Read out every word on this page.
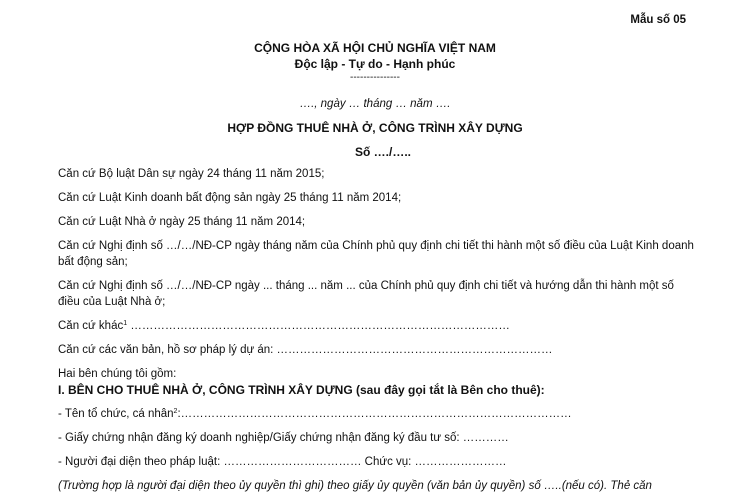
Mẫu số 05
CỘNG HÒA XÃ HỘI CHỦ NGHĨA VIỆT NAM
Độc lập - Tự do - Hạnh phúc
---------------
…., ngày … tháng … năm ….
HỢP ĐỒNG THUÊ NHÀ Ở, CÔNG TRÌNH XÂY DỰNG
Số …./…..

Căn cứ Bộ luật Dân sự ngày 24 tháng 11 năm 2015;

Căn cứ Luật Kinh doanh bất động sản ngày 25 tháng 11 năm 2014;

Căn cứ Luật Nhà ở ngày 25 tháng 11 năm 2014;

Căn cứ Nghị định số …/…/NĐ-CP ngày tháng năm của Chính phủ quy định chi tiết thi hành một số điều của Luật Kinh doanh bất động sản;

Căn cứ Nghị định số …/…/NĐ-CP ngày ... tháng ... năm ... của Chính phủ quy định chi tiết và hướng dẫn thi hành một số điều của Luật Nhà ở;

Căn cứ khác$^1$ ………………………………………………………………………………………

Căn cứ các văn bản, hồ sơ pháp lý dự án: ………………………………………………………………

Hai bên chúng tôi gồm:

I. BÊN CHO THUÊ NHÀ Ở, CÔNG TRÌNH XÂY DỰNG (sau đây gọi tắt là Bên cho thuê):

- Tên tổ chức, cá nhân$^2$:…………………………………………………………………………………………

- Giấy chứng nhận đăng ký doanh nghiệp/Giấy chứng nhận đăng ký đầu tư số: …………

- Người đại diện theo pháp luật: ……………………………… Chức vụ: ……………………

(Trường hợp là người đại diện theo ủy quyền thì ghi) theo giấy ủy quyền (văn bản ủy quyền) số …..(nếu có). Thẻ căn
